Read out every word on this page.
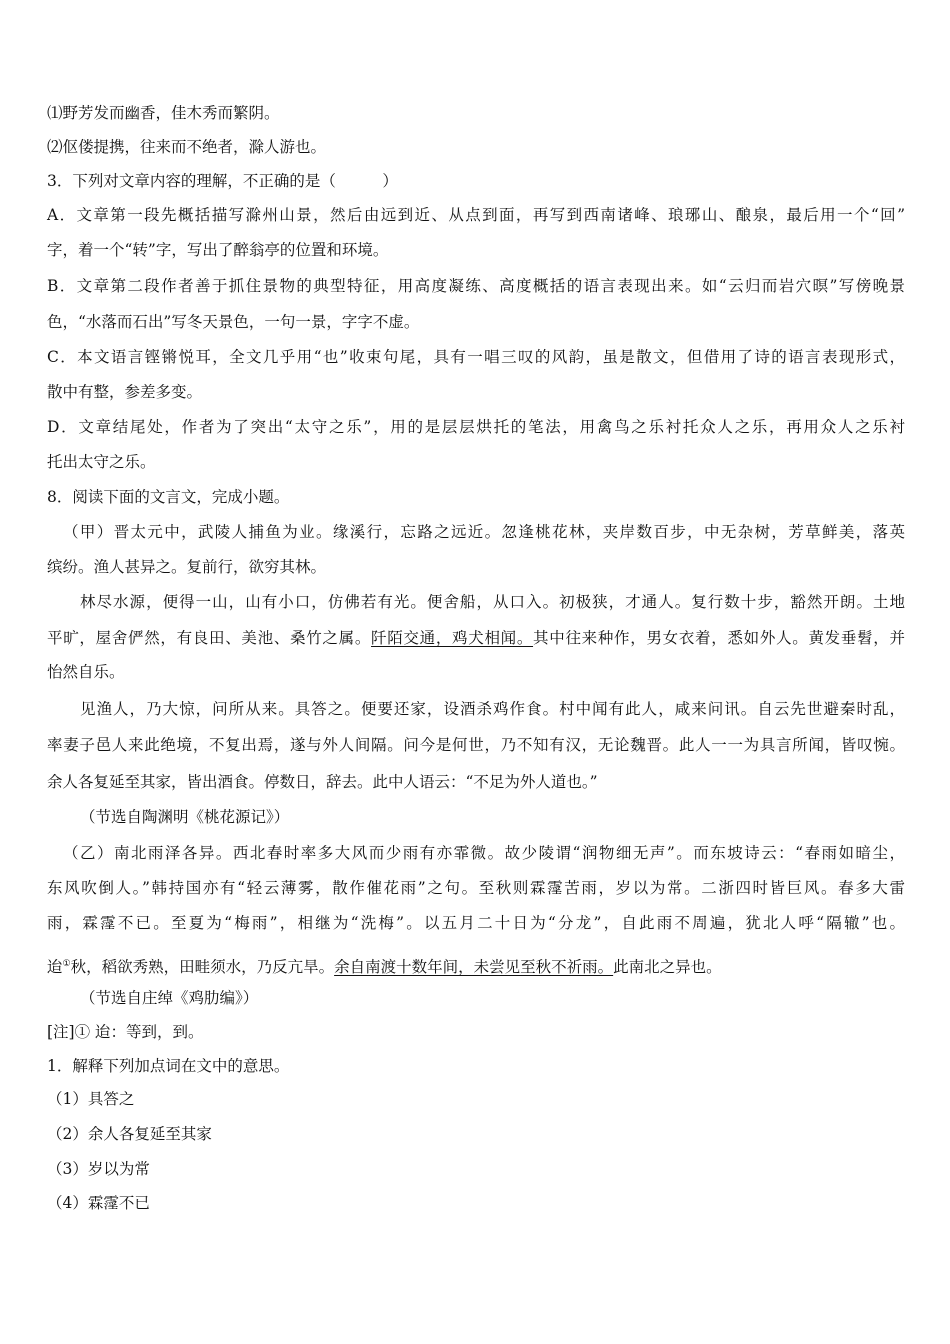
⑴野芳发而幽香，佳木秀而繁阴。
⑵伛偻提携，往来而不绝者，滁人游也。
3．下列对文章内容的理解，不正确的是（　　　）
A．文章第一段先概括描写滁州山景，然后由远到近、从点到面，再写到西南诸峰、琅琊山、酿泉，最后用一个“回”
字，着一个“转”字，写出了醉翁亭的位置和环境。
B．文章第二段作者善于抓住景物的典型特征，用高度凝练、高度概括的语言表现出来。如“云归而岩穴暝”写傍晚景
色，“水落而石出”写冬天景色，一句一景，字字不虚。
C．本文语言铿锵悦耳，全文几乎用“也”收束句尾，具有一唱三叹的风韵，虽是散文，但借用了诗的语言表现形式，
散中有整，参差多变。
D．文章结尾处，作者为了突出“太守之乐”，用的是层层烘托的笔法，用禽鸟之乐衬托众人之乐，再用众人之乐衬
托出太守之乐。
8．阅读下面的文言文，完成小题。
（甲）晋太元中，武陵人捕鱼为业。缘溪行，忘路之远近。忽逢桃花林，夹岸数百步，中无杂树，芳草鲜美，落英
缤纷。渔人甚异之。复前行，欲穷其林。
林尽水源，便得一山，山有小口，仿佛若有光。便舍船，从口入。初极狭，才通人。复行数十步，豁然开朗。土地
平旷，屋舍俨然，有良田、美池、桑竹之属。阡陌交通，鸡犬相闻。其中往来种作，男女衣着，悉如外人。黄发垂髫，并
怡然自乐。
见渔人，乃大惊，问所从来。具答之。便要还家，设酒杀鸡作食。村中闻有此人，咸来问讯。自云先世避秦时乱，
率妻子邑人来此绝境，不复出焉，遂与外人间隔。问今是何世，乃不知有汉，无论魏晋。此人一一为具言所闻，皆叹惋。
余人各复延至其家，皆出酒食。停数日，辞去。此中人语云：“不足为外人道也。”
（节选自陶渊明《桃花源记》）
（乙）南北雨泽各异。西北春时率多大风而少雨有亦霏微。故少陵谓“润物细无声”。而东坡诗云：“春雨如暗尘，
东风吹倒人。”韩持国亦有“轻云薄雾，散作催花雨”之句。至秋则霖霪苦雨，岁以为常。二浙四时皆巨风。春多大雷
雨，霖霪不已。至夏为“梅雨”，相继为“洗梅”。以五月二十日为“分龙”，自此雨不周遍，犹北人呼“隔辙”也。
迨①秋，稻欲秀熟，田畦须水，乃反亢旱。余自南渡十数年间，未尝见至秋不祈雨。此南北之异也。
（节选自庄绰《鸡肋编》）
[注]① 迨：等到，到。
1．解释下列加点词在文中的意思。
（1）具答之
（2）余人各复延至其家
（3）岁以为常
（4）霖霪不已
